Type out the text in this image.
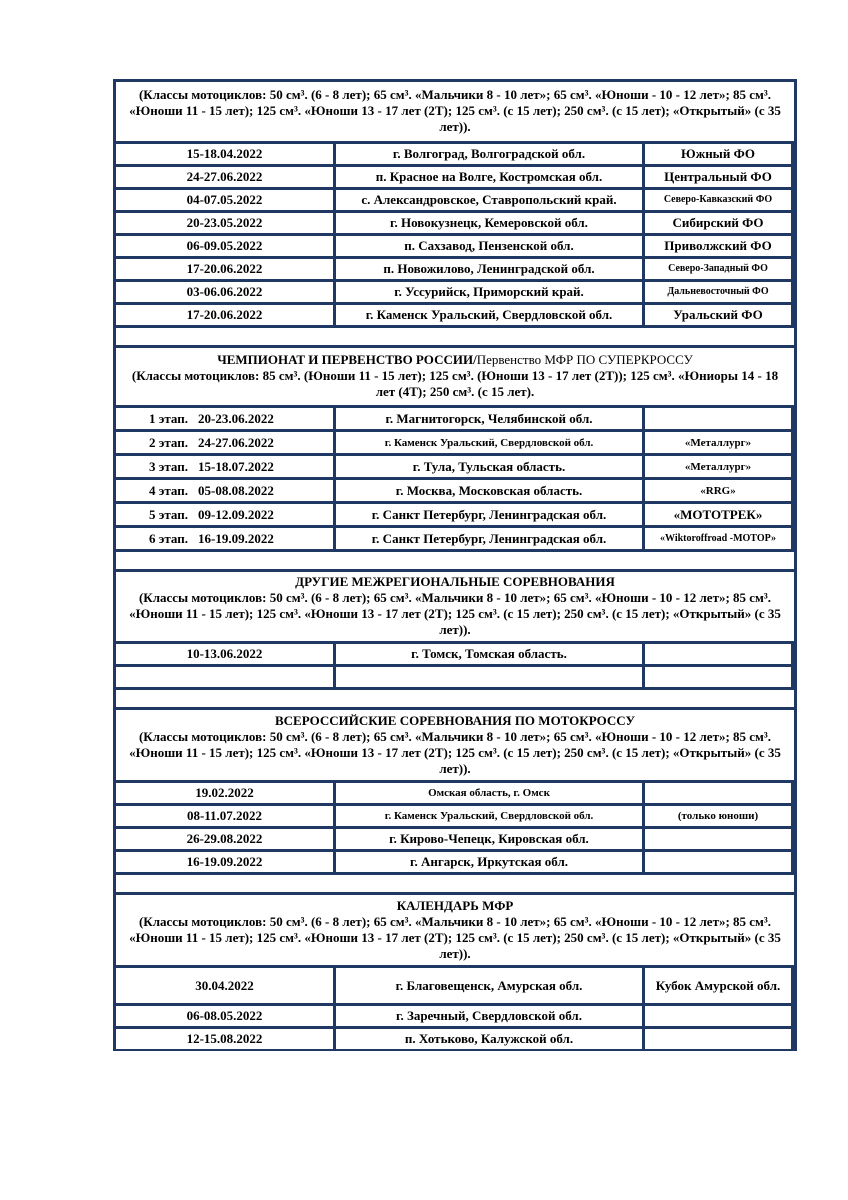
(Классы мотоциклов: 50 см³. (6 - 8 лет); 65 см³. «Мальчики 8 - 10 лет»; 65 см³. «Юноши - 10 - 12 лет»; 85 см³. «Юноши 11 - 15 лет); 125 см³. «Юноши 13 - 17 лет (2Т); 125 см³. (с 15 лет); 250 см³. (с 15 лет); «Открытый» (с 35 лет)).
15-18.04.2022	г. Волгоград, Волгоградской обл.	Южный ФО
24-27.06.2022	п. Красное на Волге, Костромская обл.	Центральный ФО
04-07.05.2022	с. Александровское, Ставропольский край.	Северо-Кавказский ФО
20-23.05.2022	г. Новокузнецк, Кемеровской обл.	Сибирский ФО
06-09.05.2022	п. Сахзавод, Пензенской обл.	Приволжский ФО
17-20.06.2022	п. Новожилово, Ленинградской обл.	Северо-Западный ФО
03-06.06.2022	г. Уссурийск, Приморский край.	Дальневосточный ФО
17-20.06.2022	г. Каменск Уральский, Свердловской обл.	Уральский ФО
ЧЕМПИОНАТ И ПЕРВЕНСТВО РОССИИ/Первенство МФР ПО СУПЕРКРОССУ
(Классы мотоциклов: 85 см³. (Юноши 11 - 15 лет); 125 см³. (Юноши 13 - 17 лет (2Т)); 125 см³. «Юниоры 14 - 18 лет (4Т); 250 см³. (с 15 лет).
1 этап. 20-23.06.2022	г. Магнитогорск, Челябинской обл.
2 этап. 24-27.06.2022	г. Каменск Уральский, Свердловской обл.	«Металлург»
3 этап. 15-18.07.2022	г. Тула, Тульская область.	«Металлург»
4 этап. 05-08.08.2022	г. Москва, Московская область.	«RRG»
5 этап. 09-12.09.2022	г. Санкт Петербург, Ленинградская обл.	«МОТОТРЕК»
6 этап. 16-19.09.2022	г. Санкт Петербург, Ленинградская обл.	«Wiktoroffroad -МОТОР»
ДРУГИЕ МЕЖРЕГИОНАЛЬНЫЕ СОРЕВНОВАНИЯ
(Классы мотоциклов: 50 см³. (6 - 8 лет); 65 см³. «Мальчики 8 - 10 лет»; 65 см³. «Юноши - 10 - 12 лет»; 85 см³. «Юноши 11 - 15 лет); 125 см³. «Юноши 13 - 17 лет (2Т); 125 см³. (с 15 лет); 250 см³. (с 15 лет); «Открытый» (с 35 лет)).
10-13.06.2022	г. Томск, Томская область.
ВСЕРОССИЙСКИЕ СОРЕВНОВАНИЯ ПО МОТОКРОССУ
(Классы мотоциклов: 50 см³. (6 - 8 лет); 65 см³. «Мальчики 8 - 10 лет»; 65 см³. «Юноши - 10 - 12 лет»; 85 см³. «Юноши 11 - 15 лет); 125 см³. «Юноши 13 - 17 лет (2Т); 125 см³. (с 15 лет); 250 см³. (с 15 лет); «Открытый» (с 35 лет)).
19.02.2022	Омская область, г. Омск
08-11.07.2022	г. Каменск Уральский, Свердловской обл.	(только юноши)
26-29.08.2022	г. Кирово-Чепецк, Кировская обл.
16-19.09.2022	г. Ангарск, Иркутская обл.
КАЛЕНДАРЬ МФР
(Классы мотоциклов: 50 см³. (6 - 8 лет); 65 см³. «Мальчики 8 - 10 лет»; 65 см³. «Юноши - 10 - 12 лет»; 85 см³. «Юноши 11 - 15 лет); 125 см³. «Юноши 13 - 17 лет (2Т); 125 см³. (с 15 лет); 250 см³. (с 15 лет); «Открытый» (с 35 лет)).
30.04.2022	г. Благовещенск, Амурская обл.	Кубок Амурской обл.
06-08.05.2022	г. Заречный, Свердловской обл.
12-15.08.2022	п. Хотьково, Калужской обл.
